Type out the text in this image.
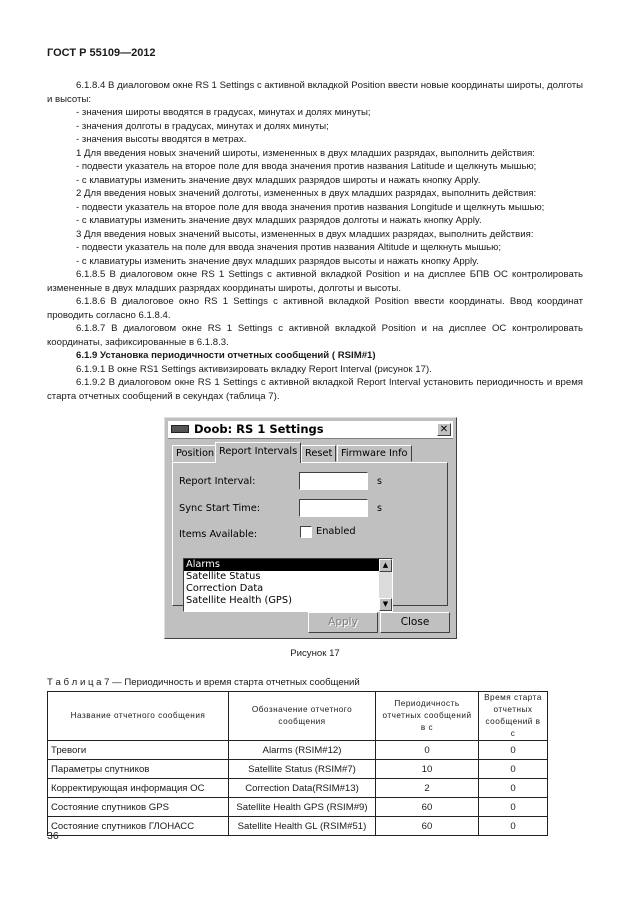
ГОСТ Р 55109—2012

6.1.8.4 В диалоговом окне RS 1 Settings с активной вкладкой Position ввести новые координаты широты, долготы и высоты:

- значения широты вводятся в градусах, минутах и долях минуты;

- значения долготы в градусах, минутах и долях минуты;

- значения высоты вводятся в метрах.

1 Для введения новых значений широты, измененных в двух младших разрядах, выполнить действия:

- подвести указатель на второе поле для ввода значения против названия Latitude и щелкнуть мышью;

- с клавиатуры изменить значение двух младших разрядов широты и нажать кнопку Apply.

2 Для введения новых значений долготы, измененных в двух младших разрядах, выполнить действия:

- подвести указатель на второе поле для ввода значения против названия Longitude и щелкнуть мышью;

- с клавиатуры изменить значение двух младших разрядов долготы и нажать кнопку Apply.

3 Для введения новых значений высоты, измененных в двух младших разрядах, выполнить действия:

- подвести указатель на поле для ввода значения против названия Altitude и щелкнуть мышью;

- с клавиатуры изменить значение двух младших разрядов высоты и нажать кнопку Apply.

6.1.8.5 В диалоговом окне RS 1 Settings с активной вкладкой Position и на дисплее БПВ ОС контролировать измененные в двух младших разрядах координаты широты, долготы и высоты.

6.1.8.6 В диалоговое окно RS 1 Settings с активной вкладкой Position ввести координаты. Ввод координат проводить согласно 6.1.8.4.

6.1.8.7 В диалоговом окне RS 1 Settings с активной вкладкой Position и на дисплее ОС контролировать координаты, зафиксированные в 6.1.8.3.

6.1.9 Установка периодичности отчетных сообщений ( RSIM#1)

6.1.9.1 В окне RS1 Settings активизировать вкладку Report Interval (рисунок 17).

6.1.9.2 В диалоговом окне RS 1 Settings с активной вкладкой Report Interval установить периодичность и время старта отчетных сообщений в секундах (таблица 7).

Doob: RS 1 Settings	✕
Position Report Intervals Reset Firmware Info
Report Interval:	s
Sync Start Time:	s
Items Available:	Enabled
Alarms
Satellite Status
Correction Data
Satellite Health (GPS)
▲
▼
Apply	Close
Рисунок 17
Т а б л и ц а 7 — Периодичность и время старта отчетных сообщений
Название отчетного сообщения	Обозначение отчетного сообщения	Периодичность отчетных сообщений в с	Время старта отчетных сообщений в с
Тревоги	Alarms (RSIM#12)	0	0
Параметры спутников	Satellite Status (RSIM#7)	10	0
Корректирующая информация ОС	Correction Data(RSIM#13)	2	0
Состояние спутников GPS	Satellite Health GPS (RSIM#9)	60	0
Состояние спутников ГЛОНАСС	Satellite Health GL (RSIM#51)	60	0
36
